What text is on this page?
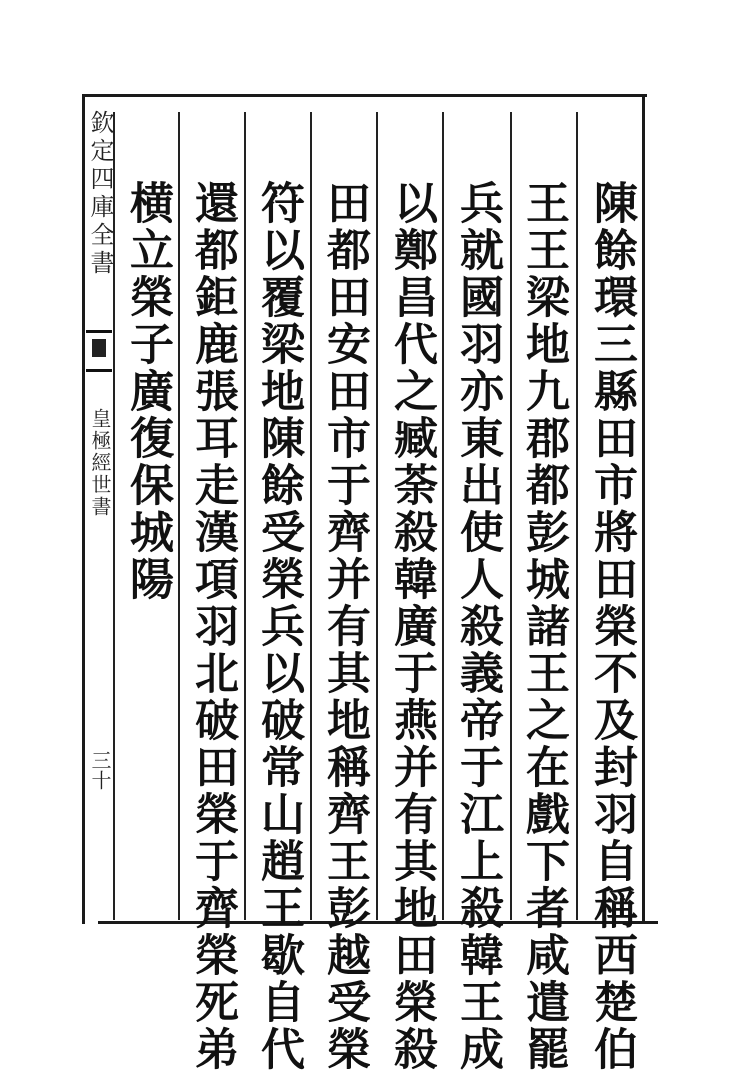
欽定四庫全書
皇極經世書
三十	陳餘環三縣田市將田榮不及封羽自稱西楚伯
王王梁地九郡都彭城諸王之在戲下者咸遣罷
兵就國羽亦東出使人殺義帝于江上殺韓王成
以鄭昌代之臧荼殺韓廣于燕并有其地田榮殺
田都田安田市于齊并有其地稱齊王彭越受榮
符以覆梁地陳餘受榮兵以破常山趙王歇自代
還都鉅鹿張耳走漢項羽北破田榮于齊榮死弟
横立榮子廣復保城陽
